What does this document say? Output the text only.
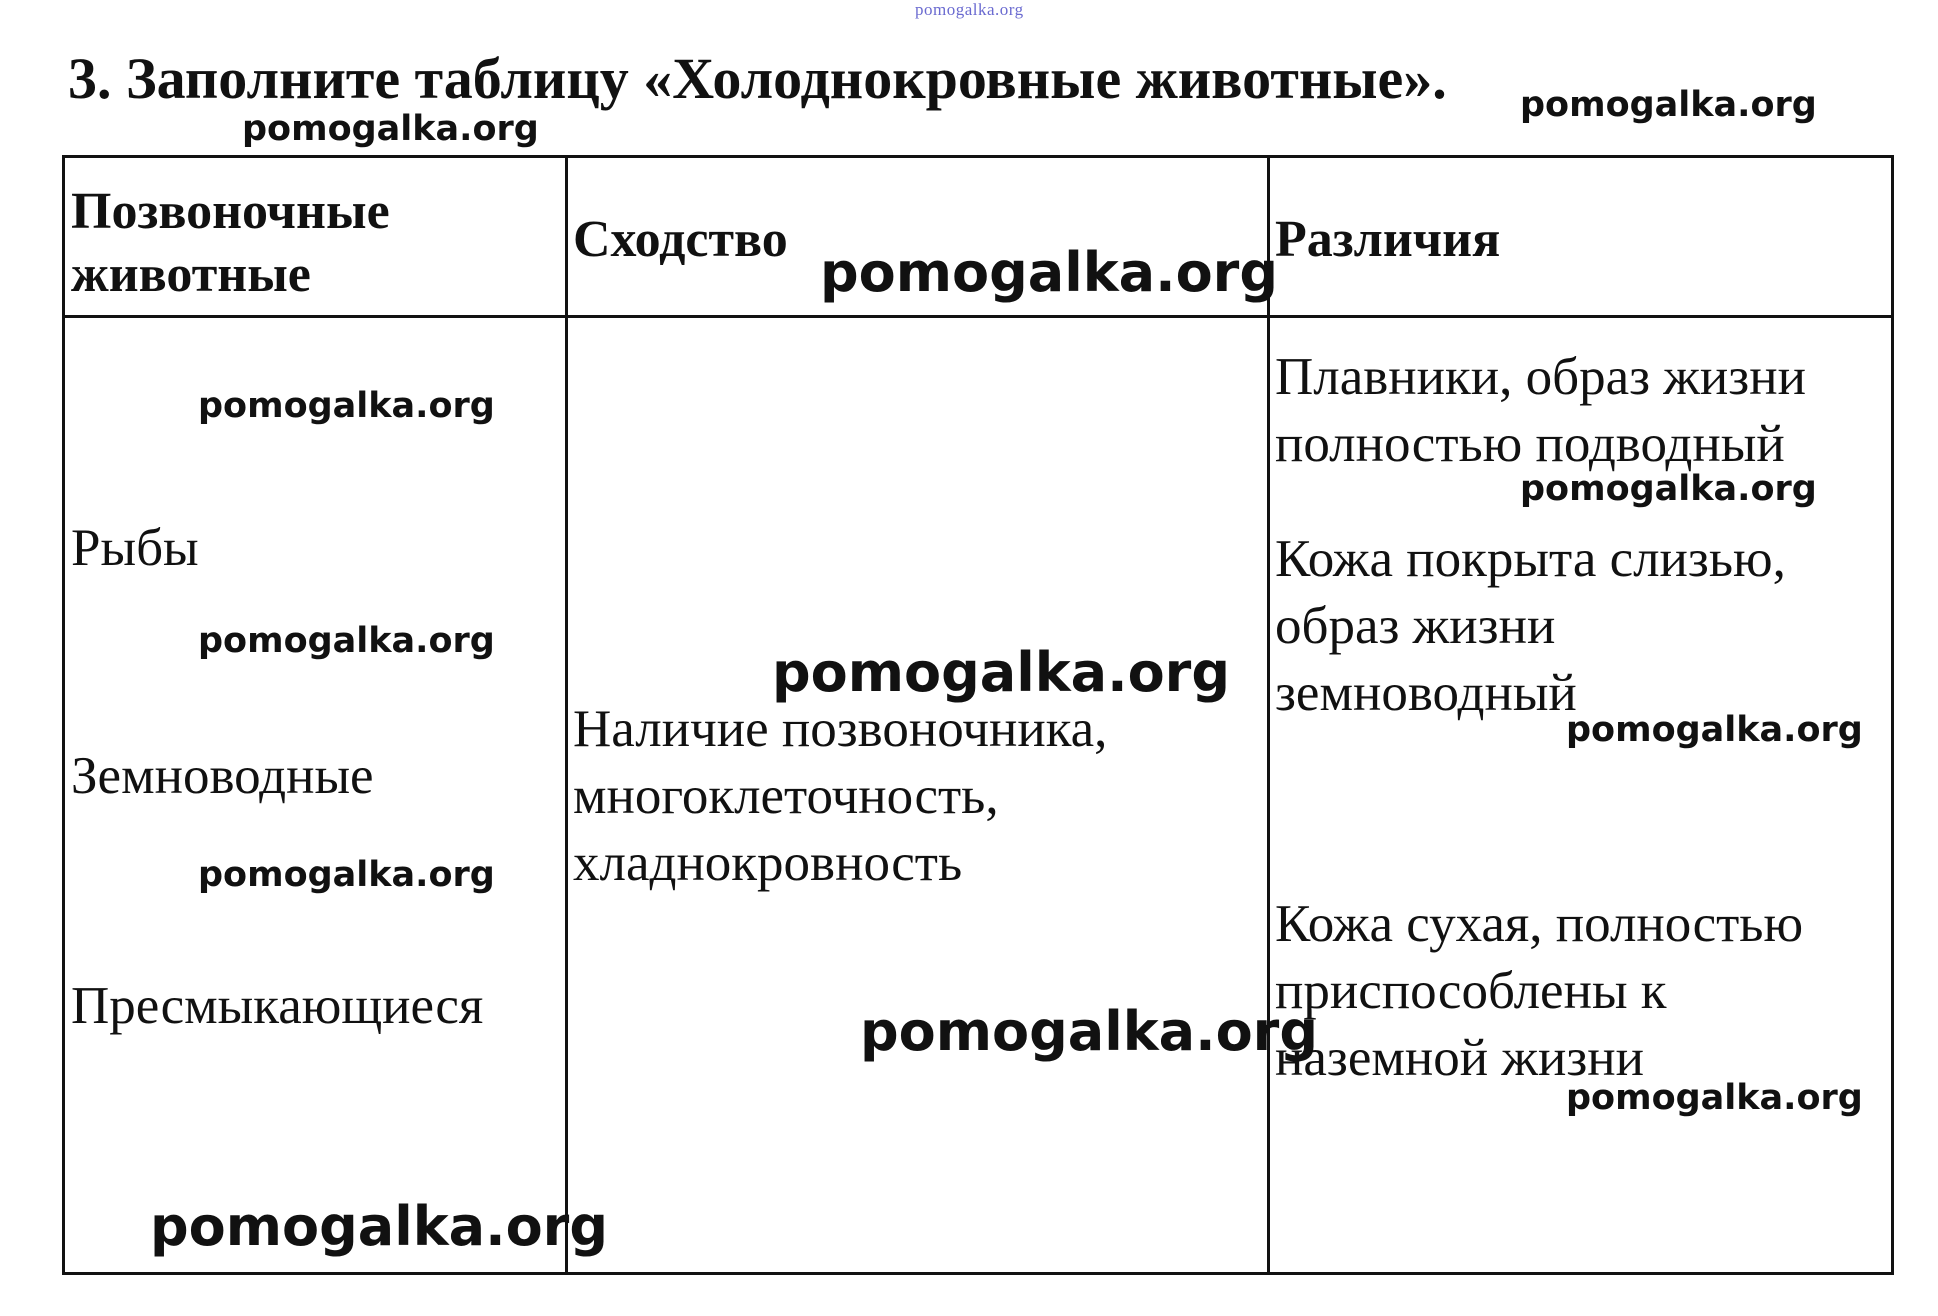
pomogalka.org
3. Заполните таблицу «Холоднокровные животные». pomogalka.org
pomogalka.org
Позвоночные
животные
Сходство	Различия
Рыбы
Земноводные
Пресмыкающиеся
Наличие позвоночника,
многоклеточность,
хладнокровность
Плавники, образ жизни
полностью подводный
Кожа покрыта слизью,
образ жизни
земноводный
Кожа сухая, полностью
приспособлены к
наземной жизни
pomogalka.org
pomogalka.org
pomogalka.org
pomogalka.org	pomogalka.org
pomogalka.org
pomogalka.org
pomogalka.org
pomogalka.org
pomogalka.org
